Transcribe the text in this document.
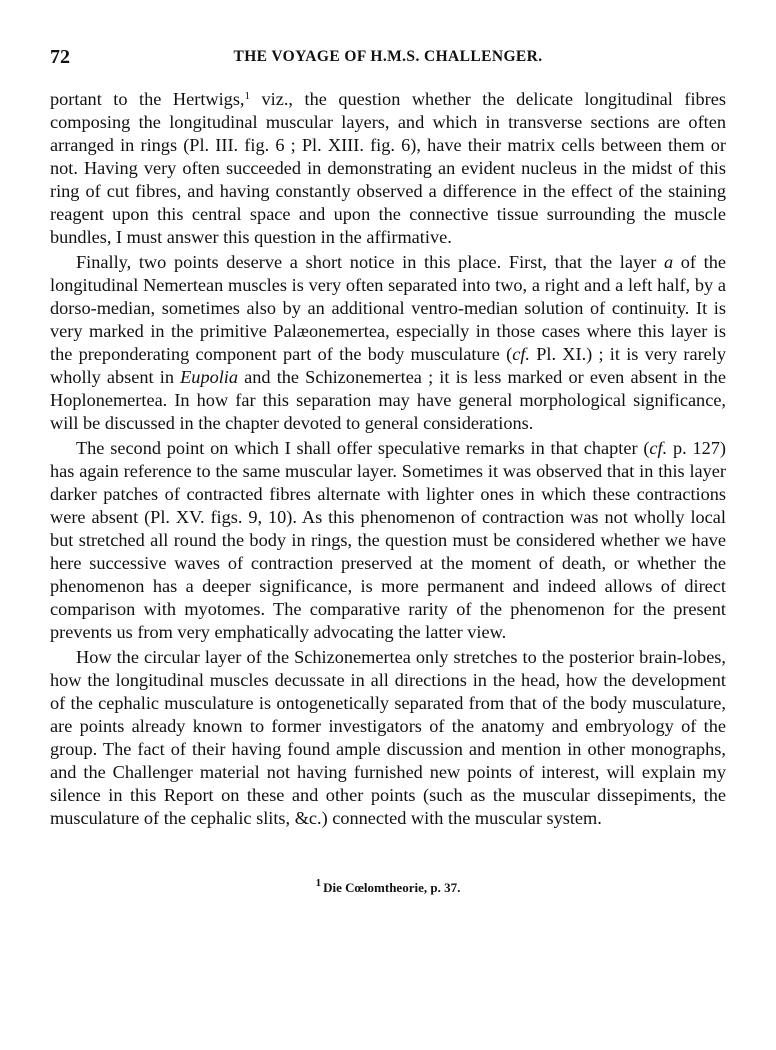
72	THE VOYAGE OF H.M.S. CHALLENGER.

portant to the Hertwigs,$^1$ viz., the question whether the delicate longitudinal fibres composing the longitudinal muscular layers, and which in transverse sections are often arranged in rings (Pl. III. fig. 6 ; Pl. XIII. fig. 6), have their matrix cells between them or not. Having very often succeeded in demonstrating an evident nucleus in the midst of this ring of cut fibres, and having constantly observed a difference in the effect of the staining reagent upon this central space and upon the connective tissue surrounding the muscle bundles, I must answer this question in the affirmative.

Finally, two points deserve a short notice in this place. First, that the layer a of the longitudinal Nemertean muscles is very often separated into two, a right and a left half, by a dorso-median, sometimes also by an additional ventro-median solution of continuity. It is very marked in the primitive Palæonemertea, especially in those cases where this layer is the preponderating component part of the body musculature (cf. Pl. XI.) ; it is very rarely wholly absent in Eupolia and the Schizonemertea ; it is less marked or even absent in the Hoplonemertea. In how far this separation may have general morphological significance, will be discussed in the chapter devoted to general considerations.

The second point on which I shall offer speculative remarks in that chapter (cf. p. 127) has again reference to the same muscular layer. Sometimes it was observed that in this layer darker patches of contracted fibres alternate with lighter ones in which these contractions were absent (Pl. XV. figs. 9, 10). As this phenomenon of contraction was not wholly local but stretched all round the body in rings, the question must be considered whether we have here successive waves of contraction preserved at the moment of death, or whether the phenomenon has a deeper significance, is more permanent and indeed allows of direct comparison with myotomes. The comparative rarity of the phenomenon for the present prevents us from very emphatically advocating the latter view.

How the circular layer of the Schizonemertea only stretches to the posterior brain-lobes, how the longitudinal muscles decussate in all directions in the head, how the development of the cephalic musculature is ontogenetically separated from that of the body musculature, are points already known to former investigators of the anatomy and embryology of the group. The fact of their having found ample discussion and mention in other monographs, and the Challenger material not having furnished new points of interest, will explain my silence in this Report on these and other points (such as the muscular dissepiments, the musculature of the cephalic slits, &c.) connected with the muscular system.

$^1$ Die Cœlomtheorie, p. 37.
